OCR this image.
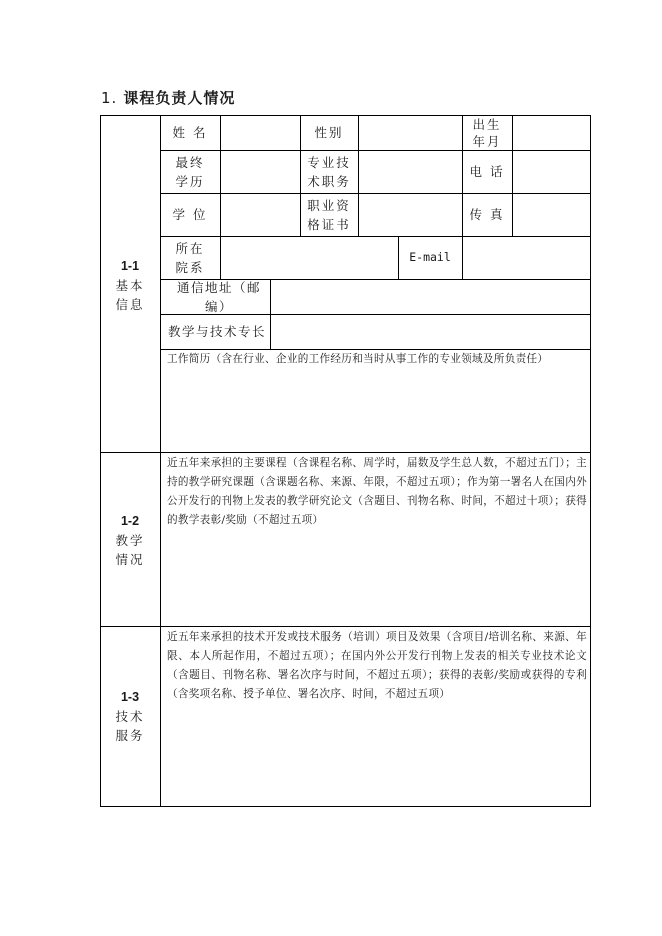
1. 课程负责人情况
姓 名	性别
出生
年月
最终
学历
专业技
术职务
电 话
学 位
职业资
格证书
传 真
所在
院系
E-mail
通信地址（邮编）
教学与技术专长
工作简历（含在行业、企业的工作经历和当时从事工作的专业领域及所负责任）
1-1
基本
信息
1-2
教学
情况
1-3
技术
服务
近五年来承担的主要课程（含课程名称、周学时，届数及学生总人数，不超过五门）；主持的教学研究课题（含课题名称、来源、年限，不超过五项）；作为第一署名人在国内外公开发行的刊物上发表的教学研究论文（含题目、刊物名称、时间，不超过十项）；获得的教学表彰/奖励（不超过五项）
近五年来承担的技术开发或技术服务（培训）项目及效果（含项目/培训名称、来源、年限、本人所起作用，不超过五项）；在国内外公开发行刊物上发表的相关专业技术论文（含题目、刊物名称、署名次序与时间，不超过五项）；获得的表彰/奖励或获得的专利（含奖项名称、授予单位、署名次序、时间，不超过五项）
